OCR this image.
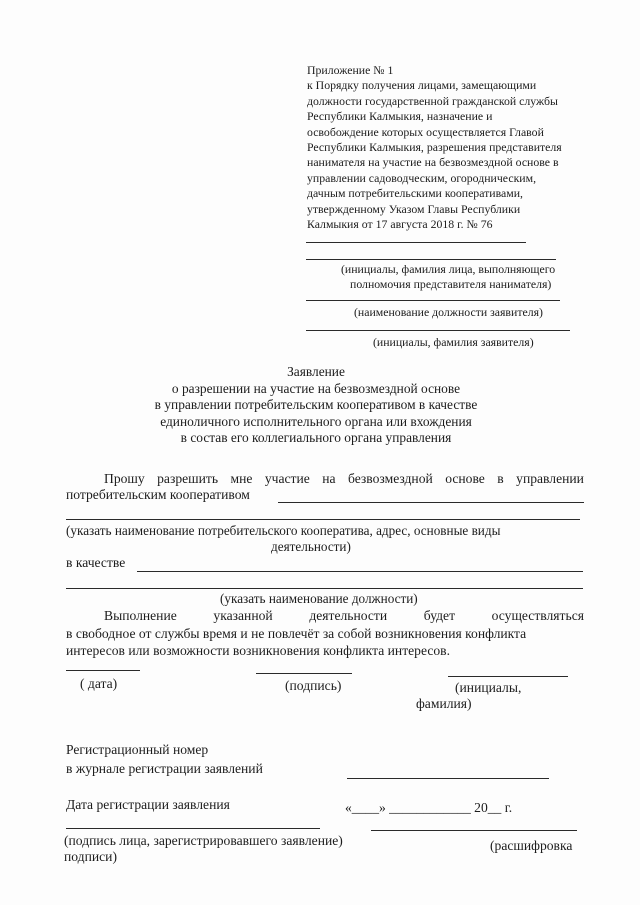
Приложение № 1
к Порядку получения лицами, замещающими
должности государственной гражданской службы
Республики Калмыкия, назначение и
освобождение которых осуществляется Главой
Республики Калмыкия, разрешения представителя
нанимателя на участие на безвозмездной основе в
управлении садоводческим, огородническим,
дачным потребительскими кооперативами,
утвержденному Указом Главы Республики
Калмыкия от 17 августа 2018 г. № 76
(инициалы, фамилия лица, выполняющего
полномочия представителя нанимателя)
(наименование должности заявителя)
(инициалы, фамилия заявителя)
Заявление
о разрешении на участие на безвозмездной основе
в управлении потребительским кооперативом в качестве
единоличного исполнительного органа или вхождения
в состав его коллегиального органа управления
Прошу разрешить мне участие на безвозмездной основе в управлении
потребительским кооперативом
(указать наименование потребительского кооператива, адрес, основные виды
деятельности)
в качестве
(указать наименование должности)
Выполнение	указанной	деятельности	будет	осуществляться
в свободное от службы время и не повлечёт за собой возникновения конфликта
интересов или возможности возникновения конфликта интересов.
( дата)	(подпись)	(инициалы,
фамилия)
Регистрационный номер
в журнале регистрации заявлений
Дата регистрации заявления	«____» ____________ 20__ г.
(подпись лица, зарегистрировавшего заявление)	(расшифровка
подписи)
